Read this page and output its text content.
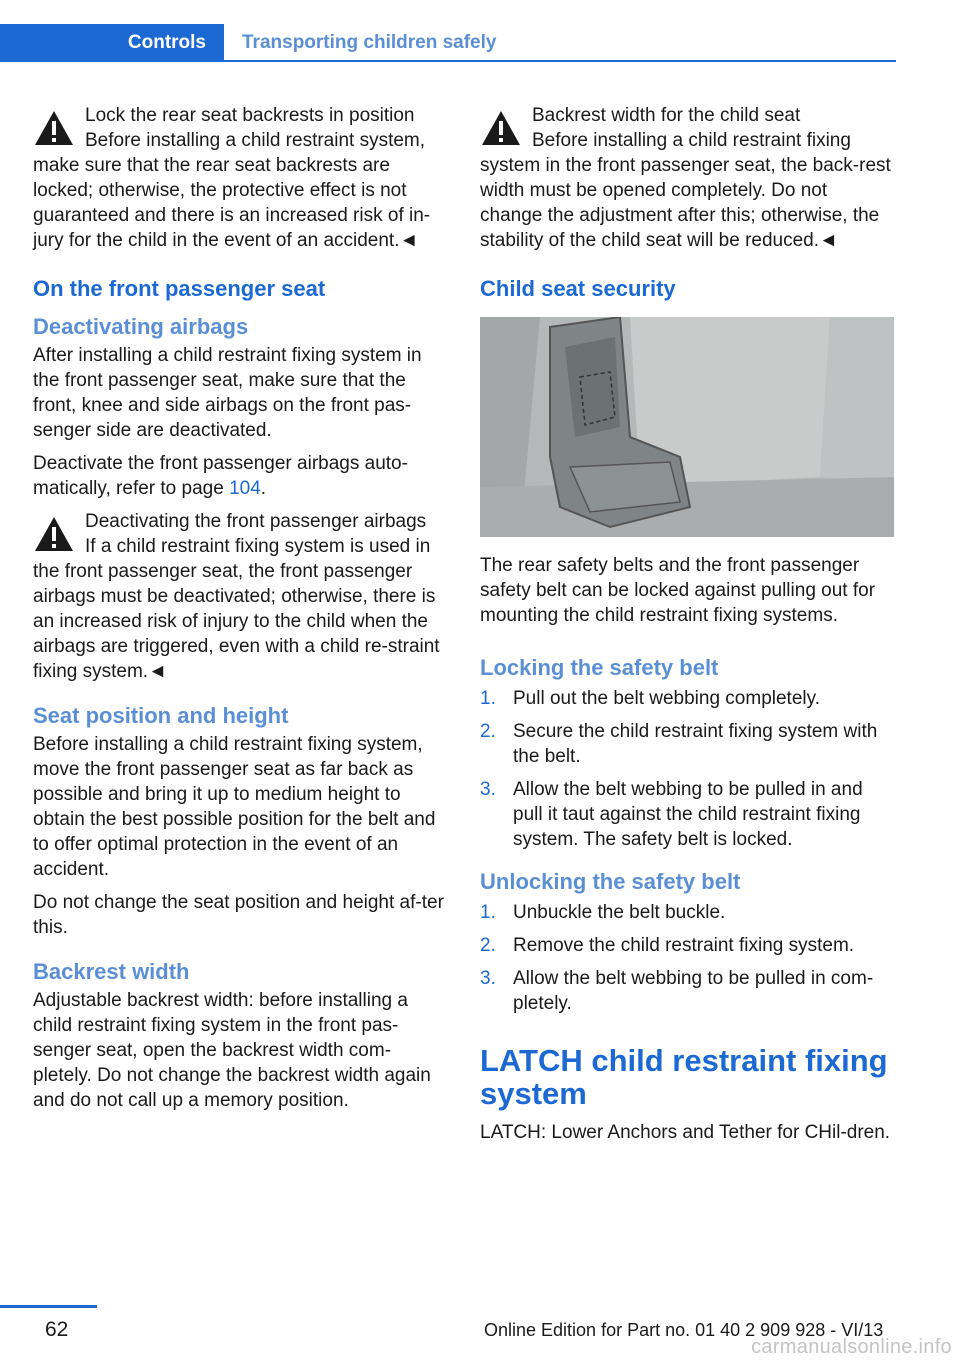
Controls	Transporting children safely
Lock the rear seat backrests in position
Before installing a child restraint system,
make sure that the rear seat backrests are locked; otherwise, the protective effect is not guaranteed and there is an increased risk of in-jury for the child in the event of an accident.◄
On the front passenger seat
Deactivating airbags

After installing a child restraint fixing system in the front passenger seat, make sure that the front, knee and side airbags on the front pas-senger side are deactivated.

Deactivate the front passenger airbags auto-matically, refer to page 104.

Deactivating the front passenger airbags
If a child restraint fixing system is used in
the front passenger seat, the front passenger airbags must be deactivated; otherwise, there is an increased risk of injury to the child when the airbags are triggered, even with a child re-straint fixing system.◄
Seat position and height

Before installing a child restraint fixing system, move the front passenger seat as far back as possible and bring it up to medium height to obtain the best possible position for the belt and to offer optimal protection in the event of an accident.

Do not change the seat position and height af-ter this.

Backrest width

Adjustable backrest width: before installing a child restraint fixing system in the front pas-senger seat, open the backrest width com-pletely. Do not change the backrest width again and do not call up a memory position.

Backrest width for the child seat
Before installing a child restraint fixing
system in the front passenger seat, the back-rest width must be opened completely. Do not change the adjustment after this; otherwise, the stability of the child seat will be reduced.◄
Child seat security

The rear safety belts and the front passenger safety belt can be locked against pulling out for mounting the child restraint fixing systems.

Locking the safety belt
1. Pull out the belt webbing completely.
2. Secure the child restraint fixing system with the belt.
3. Allow the belt webbing to be pulled in and pull it taut against the child restraint fixing system. The safety belt is locked.
Unlocking the safety belt
1. Unbuckle the belt buckle.
2. Remove the child restraint fixing system.
3. Allow the belt webbing to be pulled in com-pletely.
LATCH child restraint fixing system

LATCH: Lower Anchors and Tether for CHil-dren.

62	Online Edition for Part no. 01 40 2 909 928 - VI/13
carmanualsonline.info
